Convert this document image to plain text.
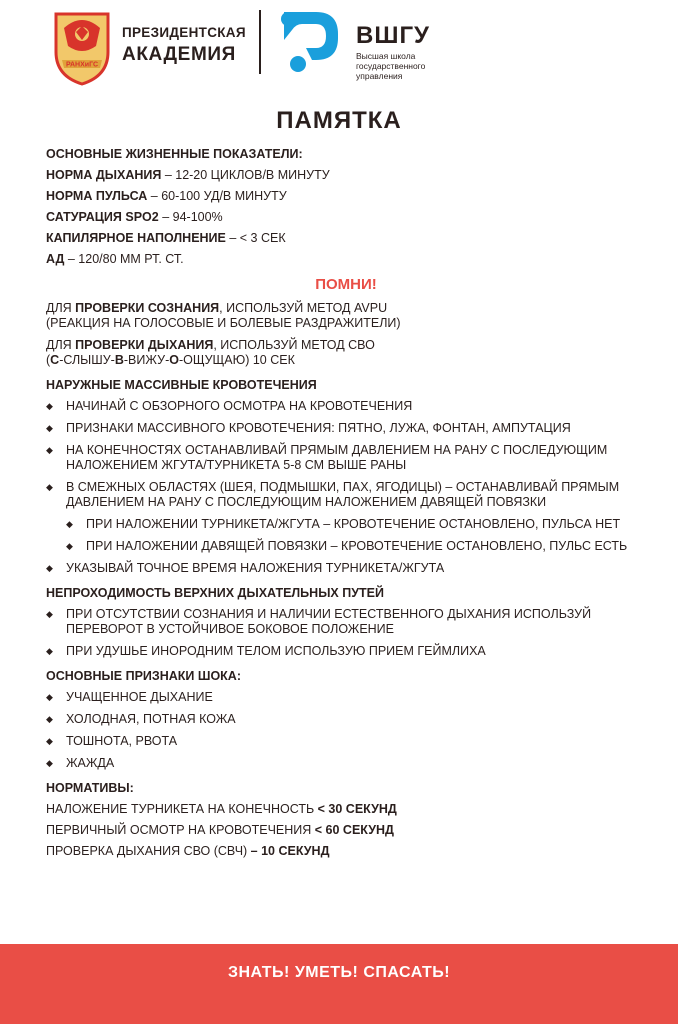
РАНХиГС
ПРЕЗИДЕНТСКАЯ
АКАДЕМИЯ
ВШГУ
Высшая школа государственного управления
ПАМЯТКА
ОСНОВНЫЕ ЖИЗНЕННЫЕ ПОКАЗАТЕЛИ:
НОРМА ДЫХАНИЯ – 12-20 ЦИКЛОВ/В МИНУТУ
НОРМА ПУЛЬСА – 60-100 УД/В МИНУТУ
САТУРАЦИЯ SPO2 – 94-100%
КАПИЛЯРНОЕ НАПОЛНЕНИЕ – < 3 СЕК
АД – 120/80 ММ РТ. СТ.
ПОМНИ!
ДЛЯ ПРОВЕРКИ СОЗНАНИЯ, ИСПОЛЬЗУЙ МЕТОД AVPU
(РЕАКЦИЯ НА ГОЛОСОВЫЕ И БОЛЕВЫЕ РАЗДРАЖИТЕЛИ)
ДЛЯ ПРОВЕРКИ ДЫХАНИЯ, ИСПОЛЬЗУЙ МЕТОД СВО
(С-СЛЫШУ-В-ВИЖУ-О-ОЩУЩАЮ) 10 СЕК
НАРУЖНЫЕ МАССИВНЫЕ КРОВОТЕЧЕНИЯ
◆ НАЧИНАЙ С ОБЗОРНОГО ОСМОТРА НА КРОВОТЕЧЕНИЯ
◆ ПРИЗНАКИ МАССИВНОГО КРОВОТЕЧЕНИЯ: ПЯТНО, ЛУЖА, ФОНТАН, АМПУТАЦИЯ
◆ НА КОНЕЧНОСТЯХ ОСТАНАВЛИВАЙ ПРЯМЫМ ДАВЛЕНИЕМ НА РАНУ С ПОСЛЕДУЮЩИМ НАЛОЖЕНИЕМ ЖГУТА/ТУРНИКЕТА 5-8 СМ ВЫШЕ РАНЫ
◆ В СМЕЖНЫХ ОБЛАСТЯХ (ШЕЯ, ПОДМЫШКИ, ПАХ, ЯГОДИЦЫ) – ОСТАНАВЛИВАЙ ПРЯМЫМ ДАВЛЕНИЕМ НА РАНУ С ПОСЛЕДУЮЩИМ НАЛОЖЕНИЕМ ДАВЯЩЕЙ ПОВЯЗКИ
◆ ПРИ НАЛОЖЕНИИ ТУРНИКЕТА/ЖГУТА – КРОВОТЕЧЕНИЕ ОСТАНОВЛЕНО, ПУЛЬСА НЕТ
◆ ПРИ НАЛОЖЕНИИ ДАВЯЩЕЙ ПОВЯЗКИ – КРОВОТЕЧЕНИЕ ОСТАНОВЛЕНО, ПУЛЬС ЕСТЬ
◆ УКАЗЫВАЙ ТОЧНОЕ ВРЕМЯ НАЛОЖЕНИЯ ТУРНИКЕТА/ЖГУТА
НЕПРОХОДИМОСТЬ ВЕРХНИХ ДЫХАТЕЛЬНЫХ ПУТЕЙ
◆ ПРИ ОТСУТСТВИИ СОЗНАНИЯ И НАЛИЧИИ ЕСТЕСТВЕННОГО ДЫХАНИЯ ИСПОЛЬЗУЙ ПЕРЕВОРОТ В УСТОЙЧИВОЕ БОКОВОЕ ПОЛОЖЕНИЕ
◆ ПРИ УДУШЬЕ ИНОРОДНИМ ТЕЛОМ ИСПОЛЬЗУЮ ПРИЕМ ГЕЙМЛИХА
ОСНОВНЫЕ ПРИЗНАКИ ШОКА:
◆ УЧАЩЕННОЕ ДЫХАНИЕ
◆ ХОЛОДНАЯ, ПОТНАЯ КОЖА
◆ ТОШНОТА, РВОТА
◆ ЖАЖДА
НОРМАТИВЫ:
НАЛОЖЕНИЕ ТУРНИКЕТА НА КОНЕЧНОСТЬ < 30 СЕКУНД
ПЕРВИЧНЫЙ ОСМОТР НА КРОВОТЕЧЕНИЯ < 60 СЕКУНД
ПРОВЕРКА ДЫХАНИЯ СВО (СВЧ) – 10 СЕКУНД
ЗНАТЬ! УМЕТЬ! СПАСАТЬ!
